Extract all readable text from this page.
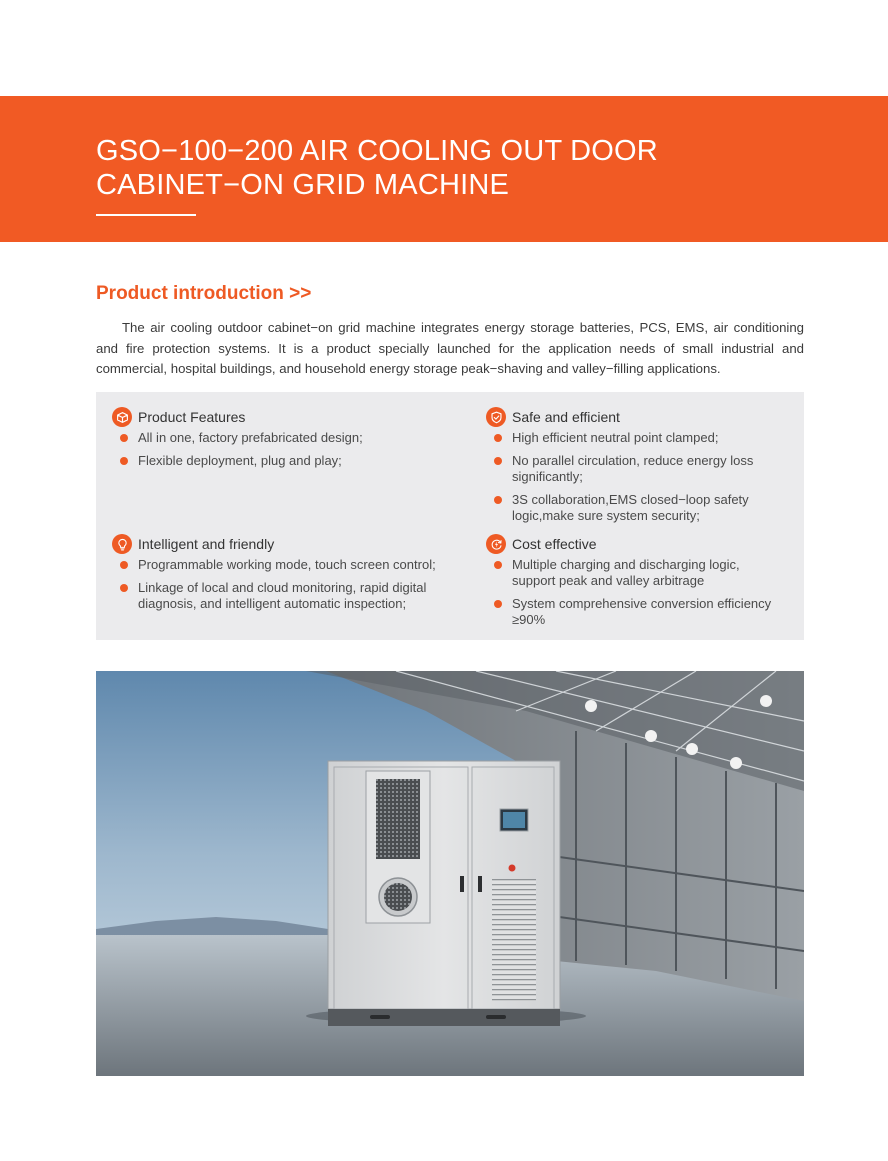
GSO−100−200 AIR COOLING OUT DOOR
CABINET−ON GRID MACHINE
Product introduction >>

The air cooling outdoor cabinet−on grid machine integrates energy storage batteries, PCS, EMS, air conditioning and fire protection systems. It is a product specially launched for the application needs of small industrial and commercial, hospital buildings, and household energy storage peak−shaving and valley−filling applications.

Product Features
All in one, factory prefabricated design;
Flexible deployment, plug and play;
Safe and efficient
High efficient neutral point clamped;
No parallel circulation, reduce energy loss significantly;
3S collaboration,EMS closed−loop safety logic,make sure system security;
Intelligent and friendly
Programmable working mode, touch screen control;
Linkage of local and cloud monitoring, rapid digital diagnosis, and intelligent automatic inspection;
Cost effective
Multiple charging and discharging logic, support peak and valley arbitrage
System comprehensive conversion efficiency ≥90%
